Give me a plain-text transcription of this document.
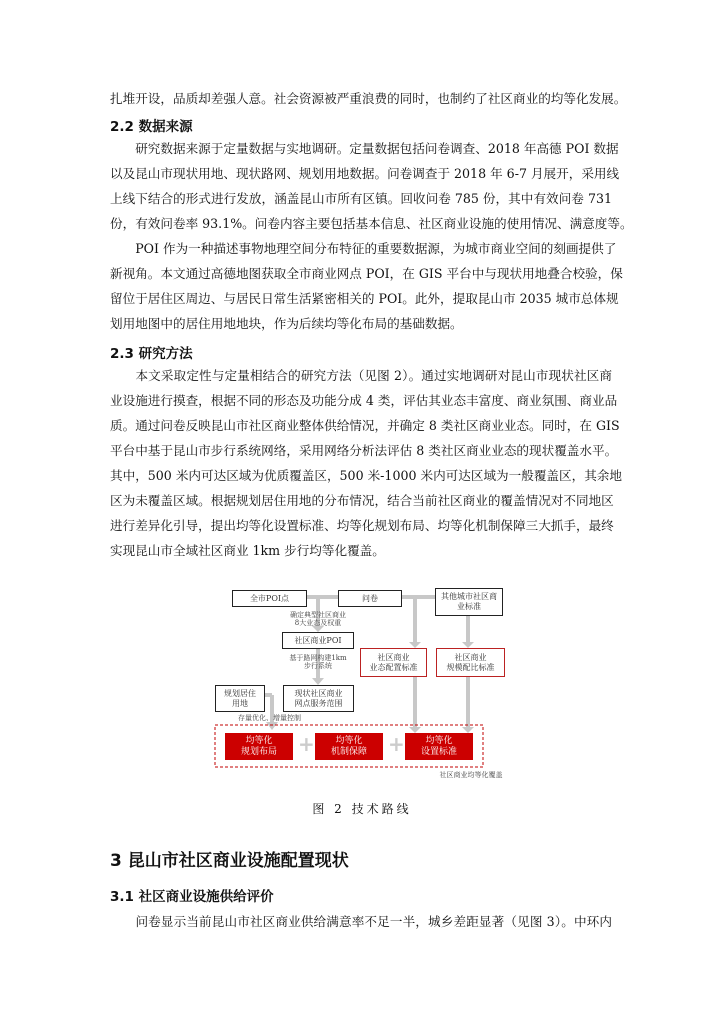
扎堆开设，品质却差强人意。社会资源被严重浪费的同时，也制约了社区商业的均等化发展。
2.2 数据来源
　　研究数据来源于定量数据与实地调研。定量数据包括问卷调查、2018 年高德 POI 数据
以及昆山市现状用地、现状路网、规划用地数据。问卷调查于 2018 年 6-7 月展开，采用线
上线下结合的形式进行发放，涵盖昆山市所有区镇。回收问卷 785 份，其中有效问卷 731
份，有效问卷率 93.1%。问卷内容主要包括基本信息、社区商业设施的使用情况、满意度等。
　　POI 作为一种描述事物地理空间分布特征的重要数据源，为城市商业空间的刻画提供了
新视角。本文通过高德地图获取全市商业网点 POI，在 GIS 平台中与现状用地叠合校验，保
留位于居住区周边、与居民日常生活紧密相关的 POI。此外，提取昆山市 2035 城市总体规
划用地图中的居住用地地块，作为后续均等化布局的基础数据。
2.3 研究方法
　　本文采取定性与定量相结合的研究方法（见图 2）。通过实地调研对昆山市现状社区商
业设施进行摸查，根据不同的形态及功能分成 4 类，评估其业态丰富度、商业氛围、商业品
质。通过问卷反映昆山市社区商业整体供给情况，并确定 8 类社区商业业态。同时，在 GIS
平台中基于昆山市步行系统网络，采用网络分析法评估 8 类社区商业业态的现状覆盖水平。
其中，500 米内可达区域为优质覆盖区，500 米-1000 米内可达区域为一般覆盖区，其余地
区为未覆盖区域。根据规划居住用地的分布情况，结合当前社区商业的覆盖情况对不同地区
进行差异化引导，提出均等化设置标准、均等化规划布局、均等化机制保障三大抓手，最终
实现昆山市全域社区商业 1km 步行均等化覆盖。
全市POI点	问卷	其他城市社区商业标准
确定典型社区商业
8大业态及权重
社区商业POI
基于路网构建1km
步行系统
社区商业
业态配置标准
社区商业
规模配比标准
规划居住
用地
现状社区商业
网点服务范围
存量优化、增量控制
均等化
规划布局	+	均等化
机制保障	+	均等化
设置标准
社区商业均等化覆盖
图 2 技术路线
3 昆山市社区商业设施配置现状
3.1 社区商业设施供给评价
　　问卷显示当前昆山市社区商业供给满意率不足一半，城乡差距显著（见图 3）。中环内
